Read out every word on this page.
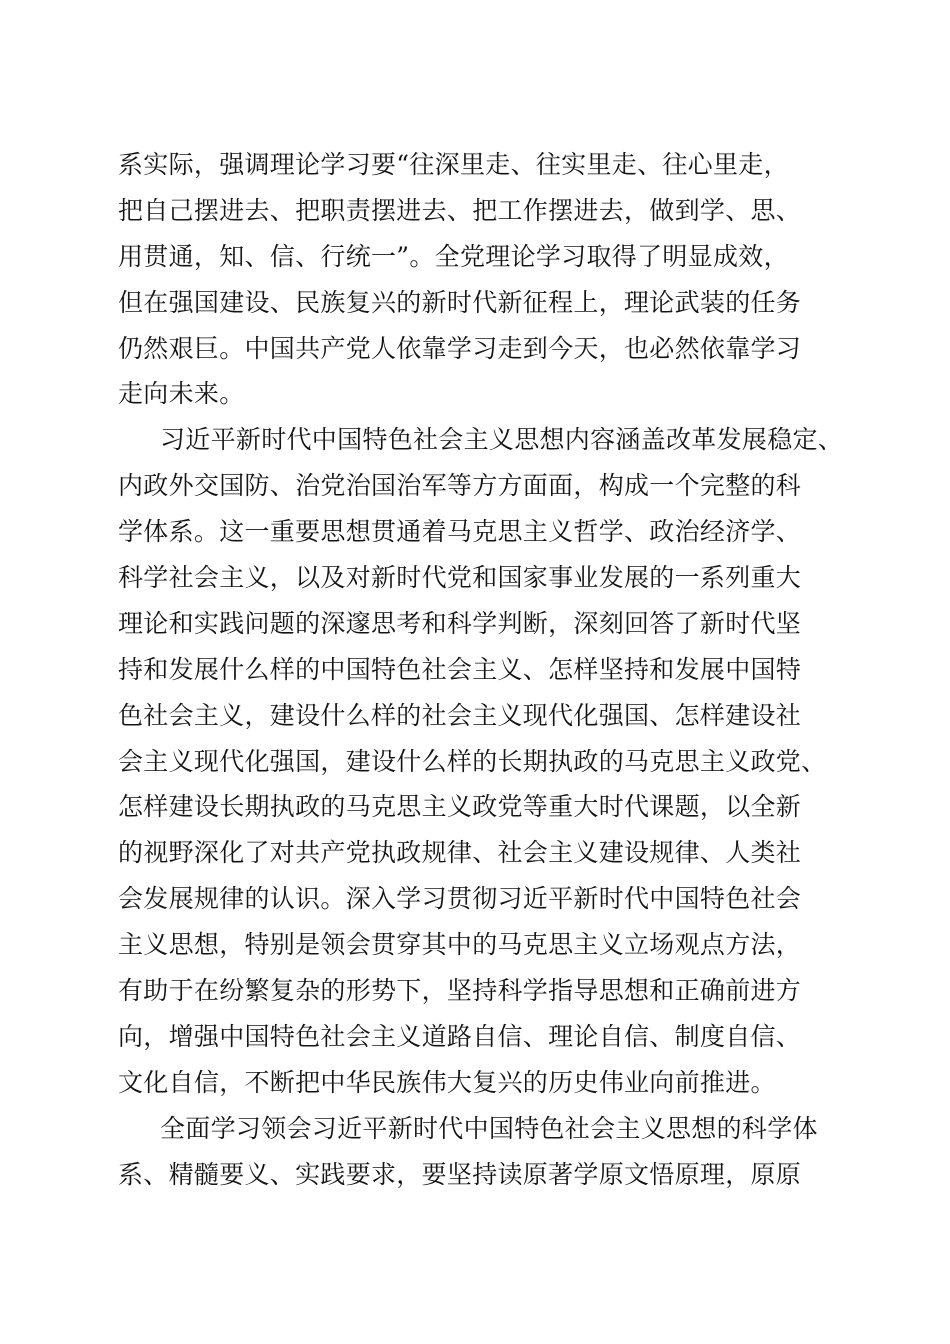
系实际，强调理论学习要“往深里走、往实里走、往心里走，
把自己摆进去、把职责摆进去、把工作摆进去，做到学、思、
用贯通，知、信、行统一”。全党理论学习取得了明显成效，
但在强国建设、民族复兴的新时代新征程上，理论武装的任务
仍然艰巨。中国共产党人依靠学习走到今天，也必然依靠学习
走向未来。
习近平新时代中国特色社会主义思想内容涵盖改革发展稳定、
内政外交国防、治党治国治军等方方面面，构成一个完整的科
学体系。这一重要思想贯通着马克思主义哲学、政治经济学、
科学社会主义，以及对新时代党和国家事业发展的一系列重大
理论和实践问题的深邃思考和科学判断，深刻回答了新时代坚
持和发展什么样的中国特色社会主义、怎样坚持和发展中国特
色社会主义，建设什么样的社会主义现代化强国、怎样建设社
会主义现代化强国，建设什么样的长期执政的马克思主义政党、
怎样建设长期执政的马克思主义政党等重大时代课题，以全新
的视野深化了对共产党执政规律、社会主义建设规律、人类社
会发展规律的认识。深入学习贯彻习近平新时代中国特色社会
主义思想，特别是领会贯穿其中的马克思主义立场观点方法，
有助于在纷繁复杂的形势下，坚持科学指导思想和正确前进方
向，增强中国特色社会主义道路自信、理论自信、制度自信、
文化自信，不断把中华民族伟大复兴的历史伟业向前推进。
全面学习领会习近平新时代中国特色社会主义思想的科学体
系、精髓要义、实践要求，要坚持读原著学原文悟原理，原原
